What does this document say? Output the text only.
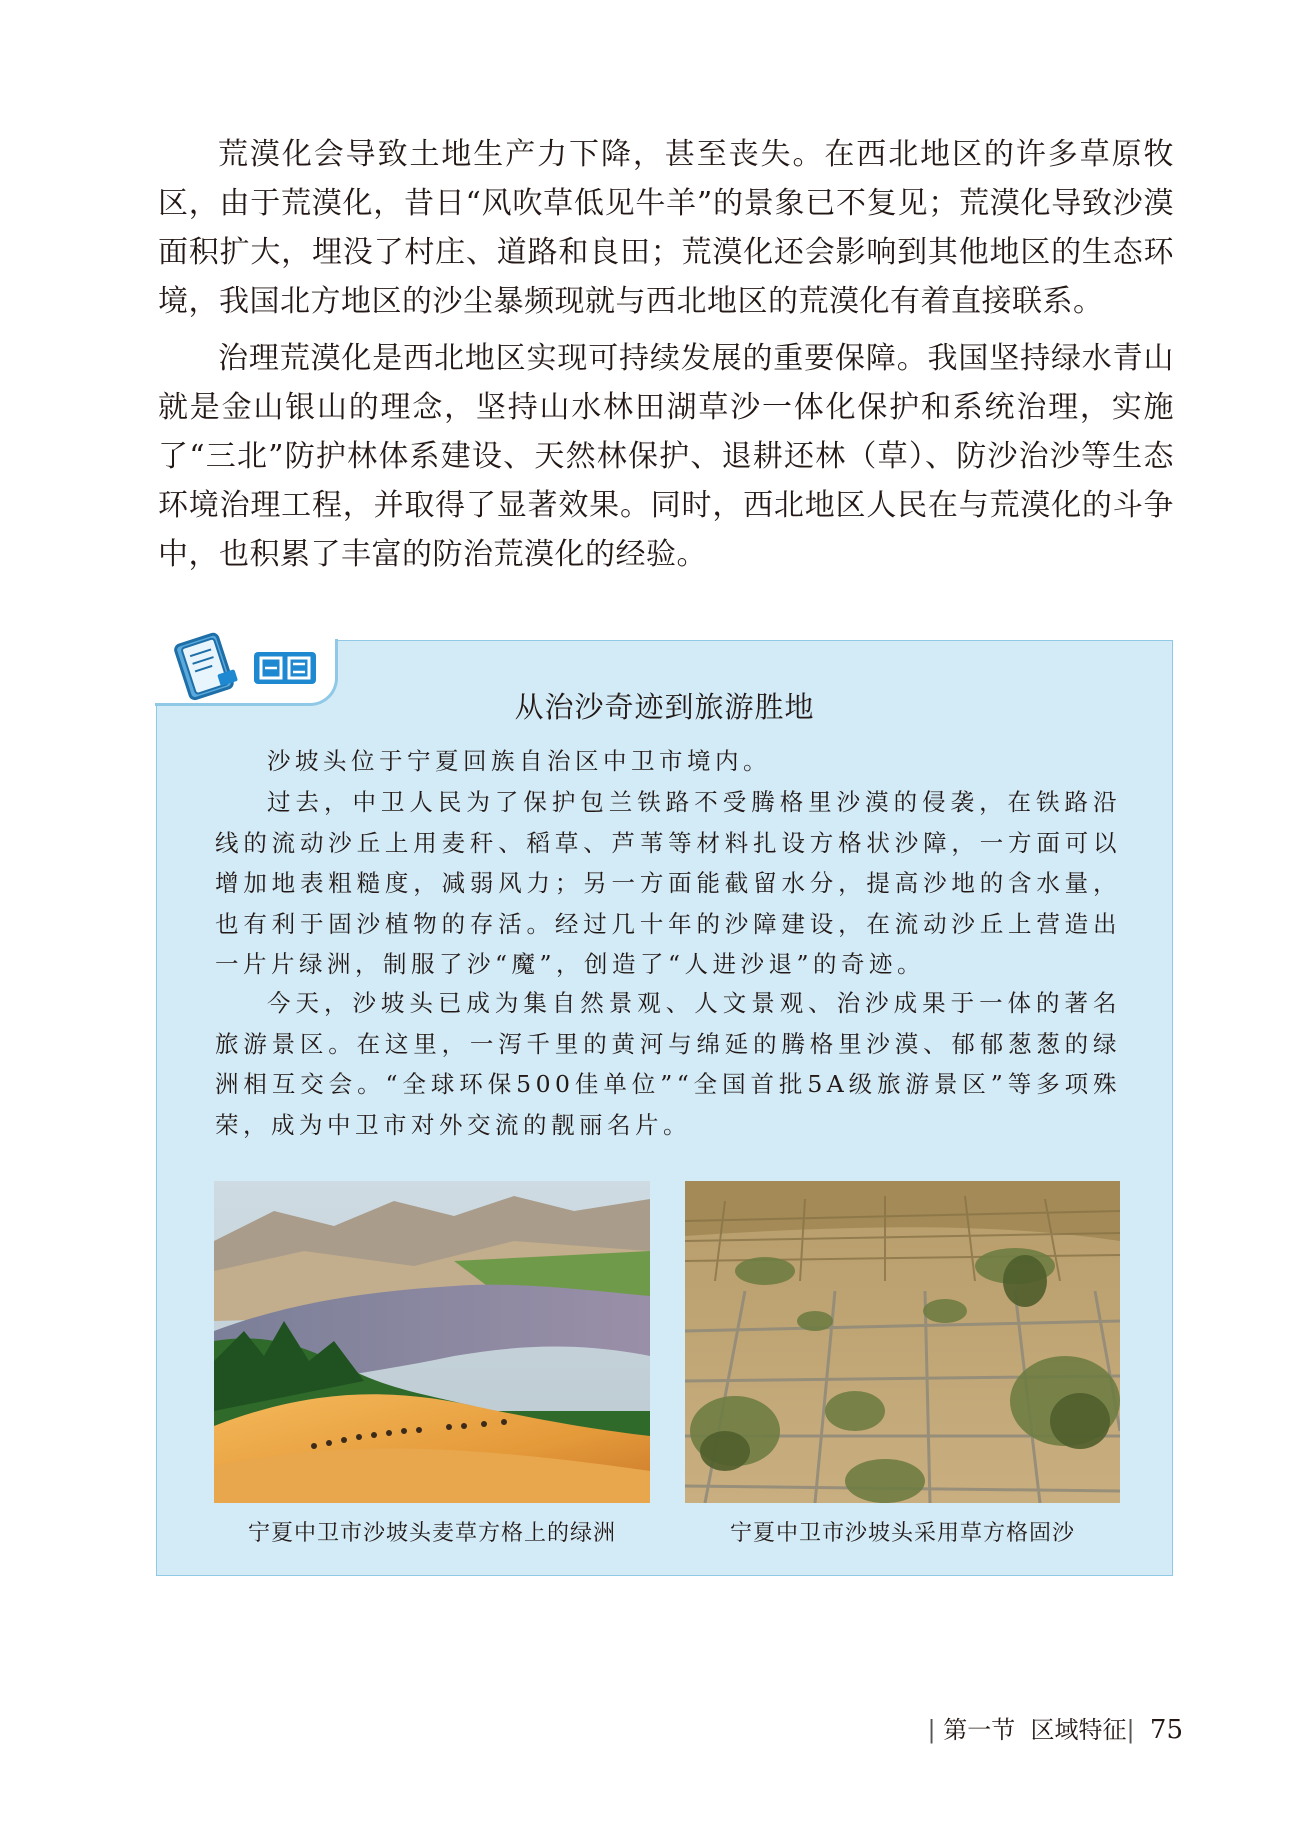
荒漠化会导致土地生产力下降，甚至丧失。在西北地区的许多草原牧区，由于荒漠化，昔日“风吹草低见牛羊”的景象已不复见；荒漠化导致沙漠面积扩大，埋没了村庄、道路和良田；荒漠化还会影响到其他地区的生态环境，我国北方地区的沙尘暴频现就与西北地区的荒漠化有着直接联系。

治理荒漠化是西北地区实现可持续发展的重要保障。我国坚持绿水青山就是金山银山的理念，坚持山水林田湖草沙一体化保护和系统治理，实施了“三北”防护林体系建设、天然林保护、退耕还林（草）、防沙治沙等生态环境治理工程，并取得了显著效果。同时，西北地区人民在与荒漠化的斗争中，也积累了丰富的防治荒漠化的经验。

从治沙奇迹到旅游胜地

沙坡头位于宁夏回族自治区中卫市境内。

过去，中卫人民为了保护包兰铁路不受腾格里沙漠的侵袭，在铁路沿线的流动沙丘上用麦秆、稻草、芦苇等材料扎设方格状沙障，一方面可以增加地表粗糙度，减弱风力；另一方面能截留水分，提高沙地的含水量，也有利于固沙植物的存活。经过几十年的沙障建设，在流动沙丘上营造出一片片绿洲，制服了沙“魔”，创造了“人进沙退”的奇迹。

今天，沙坡头已成为集自然景观、人文景观、治沙成果于一体的著名旅游景区。在这里，一泻千里的黄河与绵延的腾格里沙漠、郁郁葱葱的绿洲相互交会。“全球环保500佳单位”“全国首批5A级旅游景区”等多项殊荣，成为中卫市对外交流的靓丽名片。

宁夏中卫市沙坡头麦草方格上的绿洲	宁夏中卫市沙坡头采用草方格固沙
| 第一节 区域特征| 75
